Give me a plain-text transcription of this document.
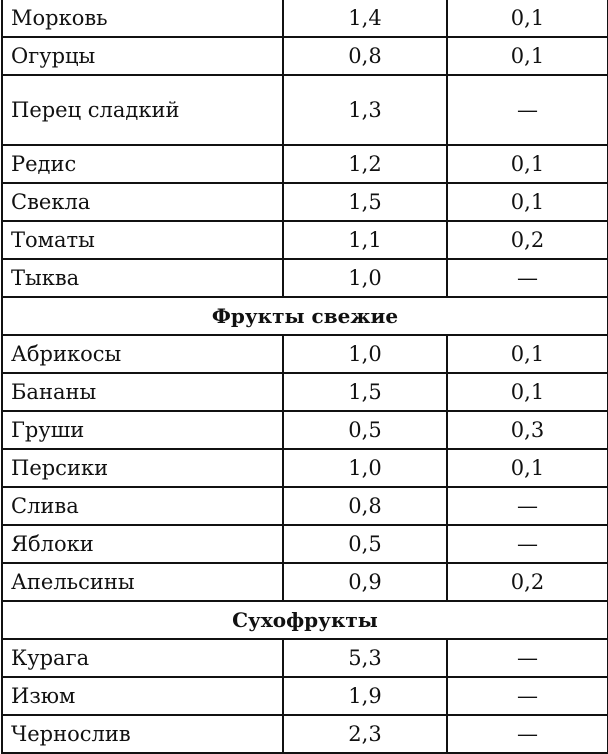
Морковь	1,4	0,1
Огурцы	0,8	0,1
Перец сладкий	1,3	—
Редис	1,2	0,1
Свекла	1,5	0,1
Томаты	1,1	0,2
Тыква	1,0	—
Фрукты свежие		
Абрикосы	1,0	0,1
Бананы	1,5	0,1
Груши	0,5	0,3
Персики	1,0	0,1
Слива	0,8	—
Яблоки	0,5	—
Апельсины	0,9	0,2
Сухофрукты		
Курага	5,3	—
Изюм	1,9	—
Чернослив	2,3	—
